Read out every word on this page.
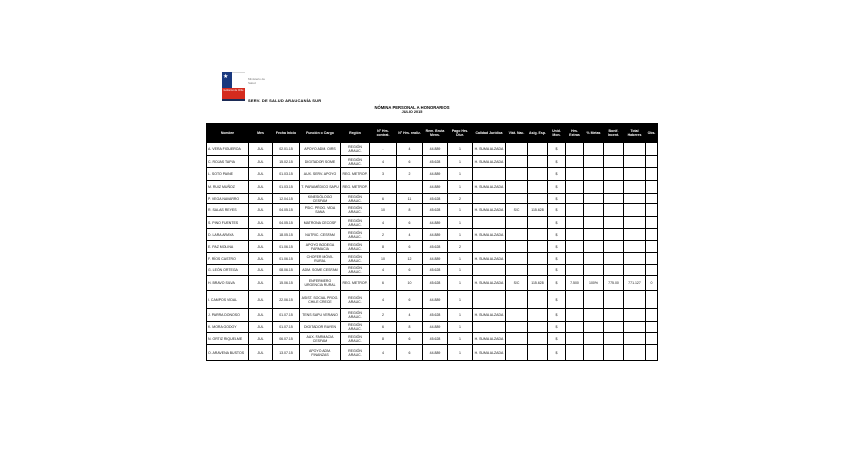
★
Gobierno de Chile
Ministerio de
Salud
SERV. DE SALUD ARAUCANÍA SUR
NÓMINA PERSONAL A HONORARIOS
JULIO 2015
Nombre	Mes	Fecha Inicio	Función o Cargo	Región	N° Hrs. contrat.	N° Hrs. realiz.	Rem. Bruta Mens.	Pago Hrs. Diur.	Calidad Jurídica	Viát. Nac.	Asig. Esp.	Unid. Mon.	Hrs. Extras	% Metas	Bonif. Incent.	Total Haberes	Obs.
A. VERA FIGUEROA	JUL	02.01.15	APOYO ADM. OIRS	REGIÓN ARAUC.	-	4	44.889	1	H. SUMA ALZADA			$					
C. ROJAS TAPIA	JUL	15.02.15	DIGITADOR SOME	REGIÓN ARAUC.	4	6	45.628	1	H. SUMA ALZADA			$					
L. SOTO PAINE	JUL	01.03.15	AUX. SERV. APOYO	REG. METROP.	3	2	44.889	1				$					
M. RUIZ MUÑOZ	JUL	01.03.15	T. PARAMÉDICO SAPU	REG. METROP.			44.889	1	H. SUMA ALZADA			$					
P. VEGA NAVARRO	JUL	12.04.15	KINESIÓLOGO CESFAM	REGIÓN ARAUC.	6	11	45.628	2				$					
R. SALAS REYES	JUL	04.05.15	PSIC. PROG. VIDA SANA	REGIÓN ARAUC.	10	8	45.628	1	H. SUMA ALZADA	S/C	115.628	$					
S. PINO FUENTES	JUL	04.05.15	MATRONA CECOSF	REGIÓN ARAUC.	4	6	44.889	1				$					
D. LARA ARAYA	JUL	18.05.15	NUTRIC. CESFAM	REGIÓN ARAUC.	2	4	44.889	1	H. SUMA ALZADA			$					
E. PAZ MOLINA	JUL	01.06.15	APOYO BODEGA FARMACIA	REGIÓN ARAUC.	8	6	45.628	2				$					
F. RÍOS CASTRO	JUL	01.06.15	CHOFER MÓVIL RURAL	REGIÓN ARAUC.	10	12	44.889	1	H. SUMA ALZADA			$					
G. LEÓN ORTEGA	JUL	08.06.15	ADM. SOME CESFAM	REGIÓN ARAUC.	4	6	45.628	1				$					
H. BRAVO SILVA	JUL	15.06.15	ENFERMERO URGENCIA RURAL	REG. METROP.	6	10	45.628	1	H. SUMA ALZADA	S/C	115.628	$	7.500	100%	775.00	771.127	0
I. CAMPOS VIDAL	JUL	22.06.15	ASIST. SOCIAL PROG. CHILE CRECE	REGIÓN ARAUC.	4	6	44.889	1				$					
J. PARRA DONOSO	JUL	01.07.15	TENS SAPU VERANO	REGIÓN ARAUC.	2	4	45.628	1	H. SUMA ALZADA			$					
K. MORA GODOY	JUL	01.07.15	DIGITADOR RAYEN	REGIÓN ARAUC.	6	8	44.889	1				$					
N. ORTIZ RIQUELME	JUL	06.07.15	AUX. FARMACIA CESFAM	REGIÓN ARAUC.	8	6	45.628	1	H. SUMA ALZADA			$					
O. ARAVENA BUSTOS	JUL	13.07.15	APOYO ADM. FINANZAS	REGIÓN ARAUC.	4	6	44.889	1	H. SUMA ALZADA			$					
